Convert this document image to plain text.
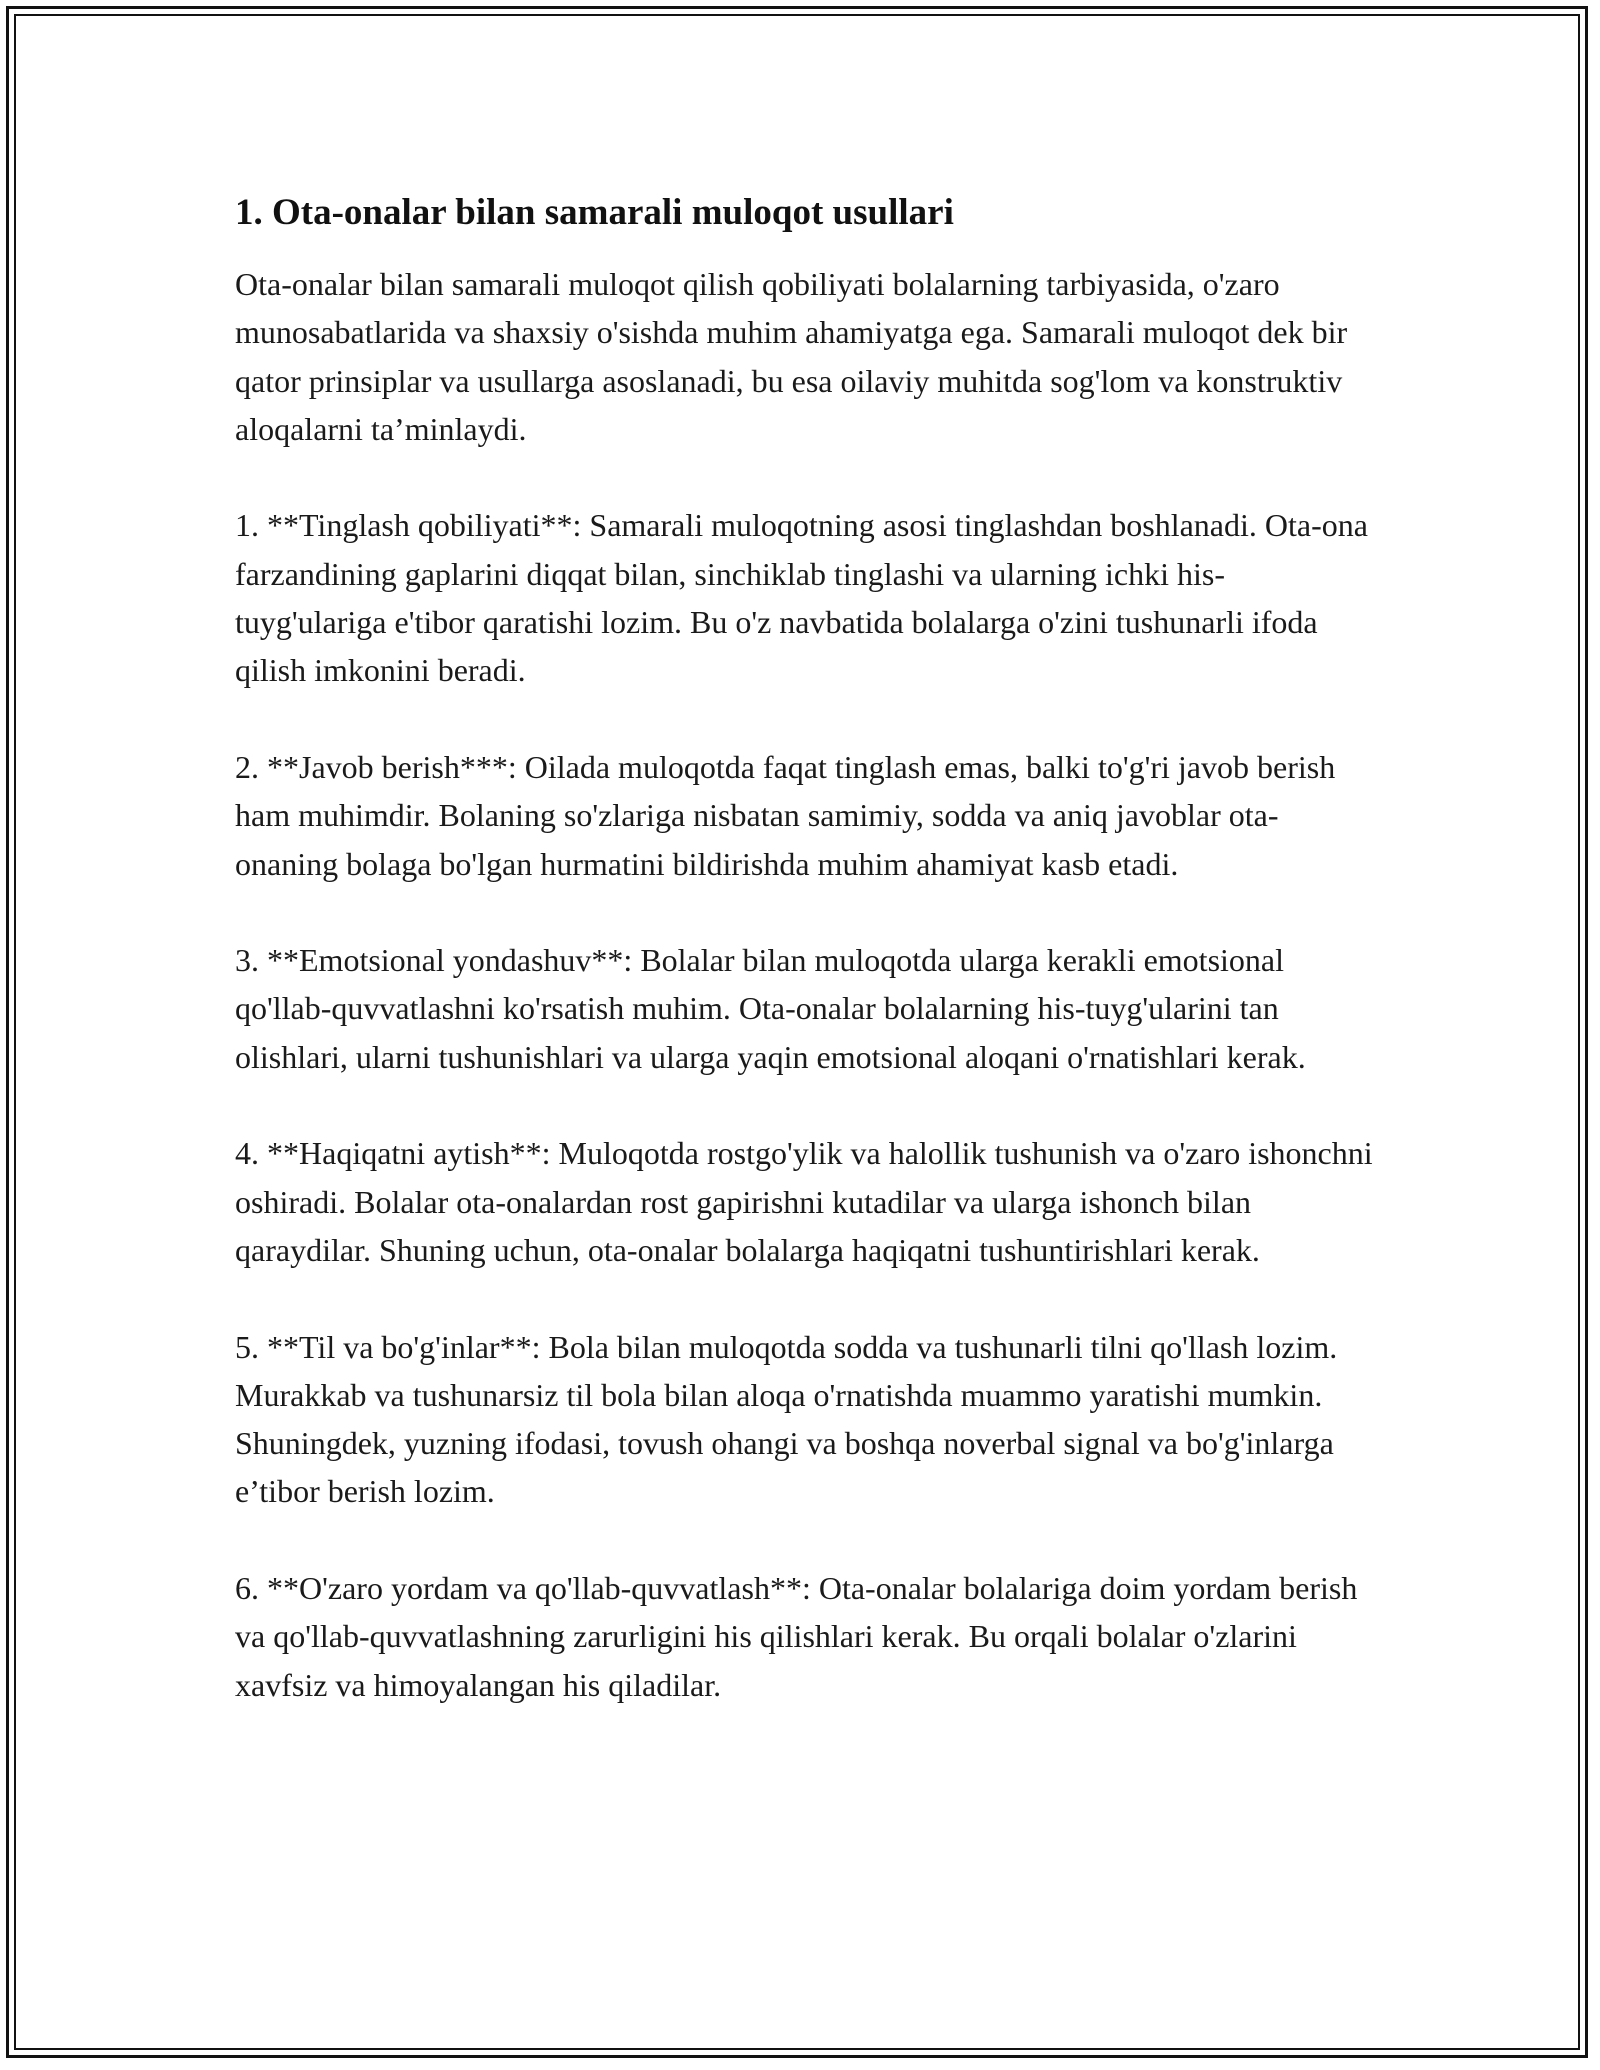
1. Ota-onalar bilan samarali muloqot usullari

Ota-onalar bilan samarali muloqot qilish qobiliyati bolalarning tarbiyasida, o'zaro munosabatlarida va shaxsiy o'sishda muhim ahamiyatga ega. Samarali muloqot dek bir qator prinsiplar va usullarga asoslanadi, bu esa oilaviy muhitda sog'lom va konstruktiv aloqalarni ta’minlaydi.

1. **Tinglash qobiliyati**: Samarali muloqotning asosi tinglashdan boshlanadi. Ota-ona farzandining gaplarini diqqat bilan, sinchiklab tinglashi va ularning ichki his-tuyg'ulariga e'tibor qaratishi lozim. Bu o'z navbatida bolalarga o'zini tushunarli ifoda qilish imkonini beradi.

2. **Javob berish***: Oilada muloqotda faqat tinglash emas, balki to'g'ri javob berish ham muhimdir. Bolaning so'zlariga nisbatan samimiy, sodda va aniq javoblar ota-onaning bolaga bo'lgan hurmatini bildirishda muhim ahamiyat kasb etadi.

3. **Emotsional yondashuv**: Bolalar bilan muloqotda ularga kerakli emotsional qo'llab-quvvatlashni ko'rsatish muhim. Ota-onalar bolalarning his-tuyg'ularini tan olishlari, ularni tushunishlari va ularga yaqin emotsional aloqani o'rnatishlari kerak.

4. **Haqiqatni aytish**: Muloqotda rostgo'ylik va halollik tushunish va o'zaro ishonchni oshiradi. Bolalar ota-onalardan rost gapirishni kutadilar va ularga ishonch bilan qaraydilar. Shuning uchun, ota-onalar bolalarga haqiqatni tushuntirishlari kerak.

5. **Til va bo'g'inlar**: Bola bilan muloqotda sodda va tushunarli tilni qo'llash lozim. Murakkab va tushunarsiz til bola bilan aloqa o'rnatishda muammo yaratishi mumkin. Shuningdek, yuzning ifodasi, tovush ohangi va boshqa noverbal signal va bo'g'inlarga e’tibor berish lozim.

6. **O'zaro yordam va qo'llab-quvvatlash**: Ota-onalar bolalariga doim yordam berish va qo'llab-quvvatlashning zarurligini his qilishlari kerak. Bu orqali bolalar o'zlarini xavfsiz va himoyalangan his qiladilar.
